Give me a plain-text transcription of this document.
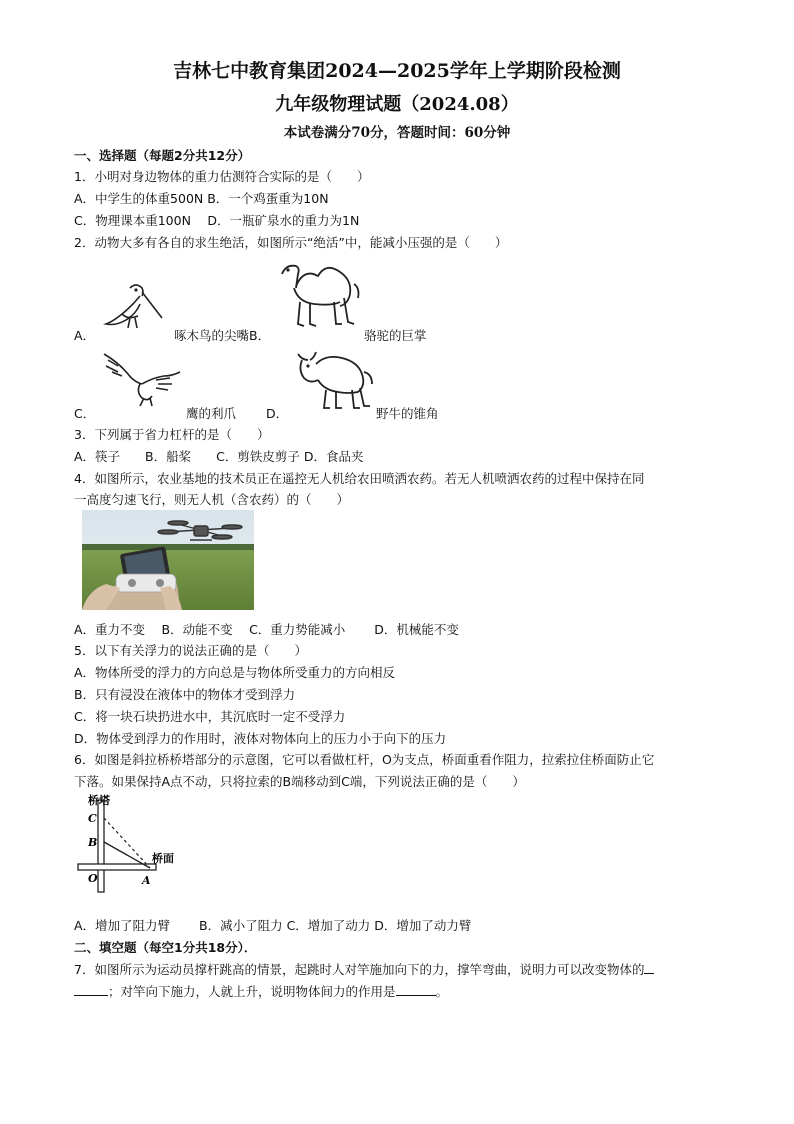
吉林七中教育集团2024—2025学年上学期阶段检测
九年级物理试题（2024.08）
本试卷满分70分，答题时间：60分钟
一、选择题（每题2分共12分）
1．小明对身边物体的重力估测符合实际的是（　　）
A．中学生的体重500N B．一个鸡蛋重为10N
C．物理课本重100N　 D．一瓶矿泉水的重力为1N
2．动物大多有各自的求生绝活，如图所示“绝活”中，能减小压强的是（　　）
A．	啄木鸟的尖嘴B．	骆驼的巨掌
C．	鹰的利爪 D．	野牛的锥角
3．下列属于省力杠杆的是（　　）
A．筷子　　B．船桨　　C．剪铁皮剪子 D．食品夹
4．如图所示，农业基地的技术员正在遥控无人机给农田喷洒农药。若无人机喷洒农药的过程中保持在同
一高度匀速飞行，则无人机（含农药）的（　　）
A．重力不变　 B．动能不变　 C．重力势能减小　　 D．机械能不变
5．以下有关浮力的说法正确的是（　　）
A．物体所受的浮力的方向总是与物体所受重力的方向相反
B．只有浸没在液体中的物体才受到浮力
C．将一块石块扔进水中，其沉底时一定不受浮力
D．物体受到浮力的作用时，液体对物体向上的压力小于向下的压力
6．如图是斜拉桥桥塔部分的示意图，它可以看做杠杆，O为支点，桥面重看作阻力，拉索拉住桥面防止它
下落。如果保持A点不动，只将拉索的B端移动到C端，下列说法正确的是（　　）
桥塔
C
B
O	A
桥面
A．增加了阻力臂　　 B．减小了阻力 C．增加了动力 D．增加了动力臂
二、填空题（每空1分共18分）．
7．如图所示为运动员撑杆跳高的情景，起跳时人对竿施加向下的力，撑竿弯曲，说明力可以改变物体的
；对竿向下施力，人就上升，说明物体间力的作用是	。
